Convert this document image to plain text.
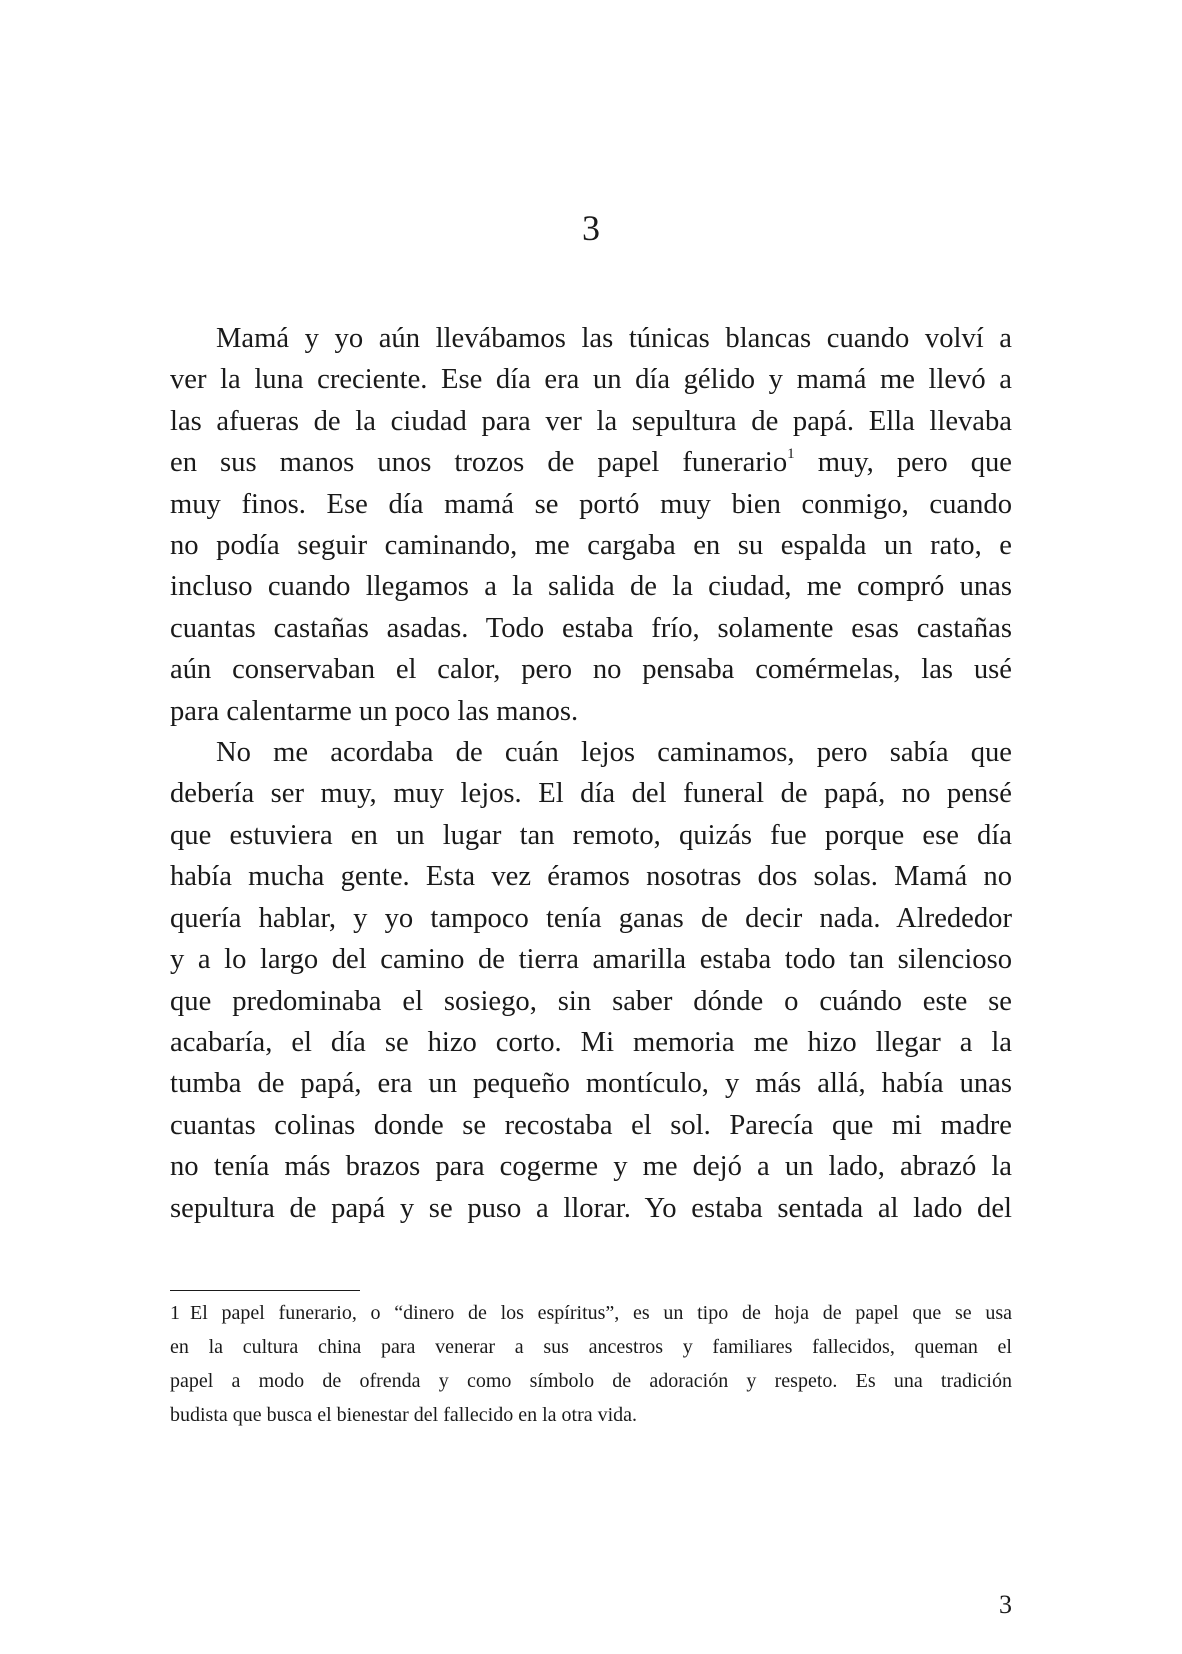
3
Mamá y yo aún llevábamos las túnicas blancas cuando volví a
ver la luna creciente. Ese día era un día gélido y mamá me llevó a
las afueras de la ciudad para ver la sepultura de papá. Ella llevaba
en sus manos unos trozos de papel funerario$^1$ muy, pero que
muy finos. Ese día mamá se portó muy bien conmigo, cuando
no podía seguir caminando, me cargaba en su espalda un rato, e
incluso cuando llegamos a la salida de la ciudad, me compró unas
cuantas castañas asadas. Todo estaba frío, solamente esas castañas
aún conservaban el calor, pero no pensaba comérmelas, las usé
para calentarme un poco las manos.
No me acordaba de cuán lejos caminamos, pero sabía que
debería ser muy, muy lejos. El día del funeral de papá, no pensé
que estuviera en un lugar tan remoto, quizás fue porque ese día
había mucha gente. Esta vez éramos nosotras dos solas. Mamá no
quería hablar, y yo tampoco tenía ganas de decir nada. Alrededor
y a lo largo del camino de tierra amarilla estaba todo tan silencioso
que predominaba el sosiego, sin saber dónde o cuándo este se
acabaría, el día se hizo corto. Mi memoria me hizo llegar a la
tumba de papá, era un pequeño montículo, y más allá, había unas
cuantas colinas donde se recostaba el sol. Parecía que mi madre
no tenía más brazos para cogerme y me dejó a un lado, abrazó la
sepultura de papá y se puso a llorar. Yo estaba sentada al lado del
1 El papel funerario, o “dinero de los espíritus”, es un tipo de hoja de papel que se usa
en la cultura china para venerar a sus ancestros y familiares fallecidos, queman el
papel a modo de ofrenda y como símbolo de adoración y respeto. Es una tradición
budista que busca el bienestar del fallecido en la otra vida.
3
